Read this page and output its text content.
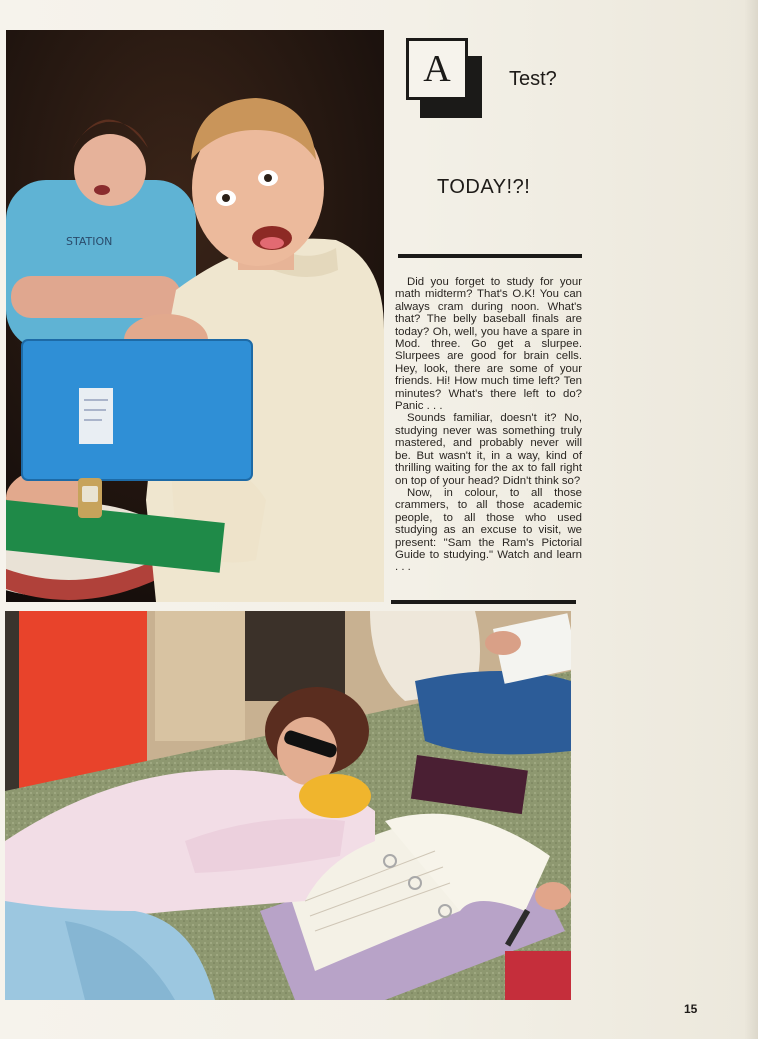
STATION
A	Test?
TODAY!?!

Did you forget to study for your math midterm? That's O.K! You can always cram during noon. What's that? The belly baseball finals are today? Oh, well, you have a spare in Mod. three. Go get a slurpee. Slurpees are good for brain cells. Hey, look, there are some of your friends. Hi! How much time left? Ten minutes? What's there left to do? Panic . . .

Sounds familiar, doesn't it? No, studying never was something truly mastered, and probably never will be. But wasn't it, in a way, kind of thrilling waiting for the ax to fall right on top of your head? Didn't think so?

Now, in colour, to all those crammers, to all those academic people, to all those who used studying as an excuse to visit, we present: "Sam the Ram's Pictorial Guide to studying." Watch and learn . . .

15
